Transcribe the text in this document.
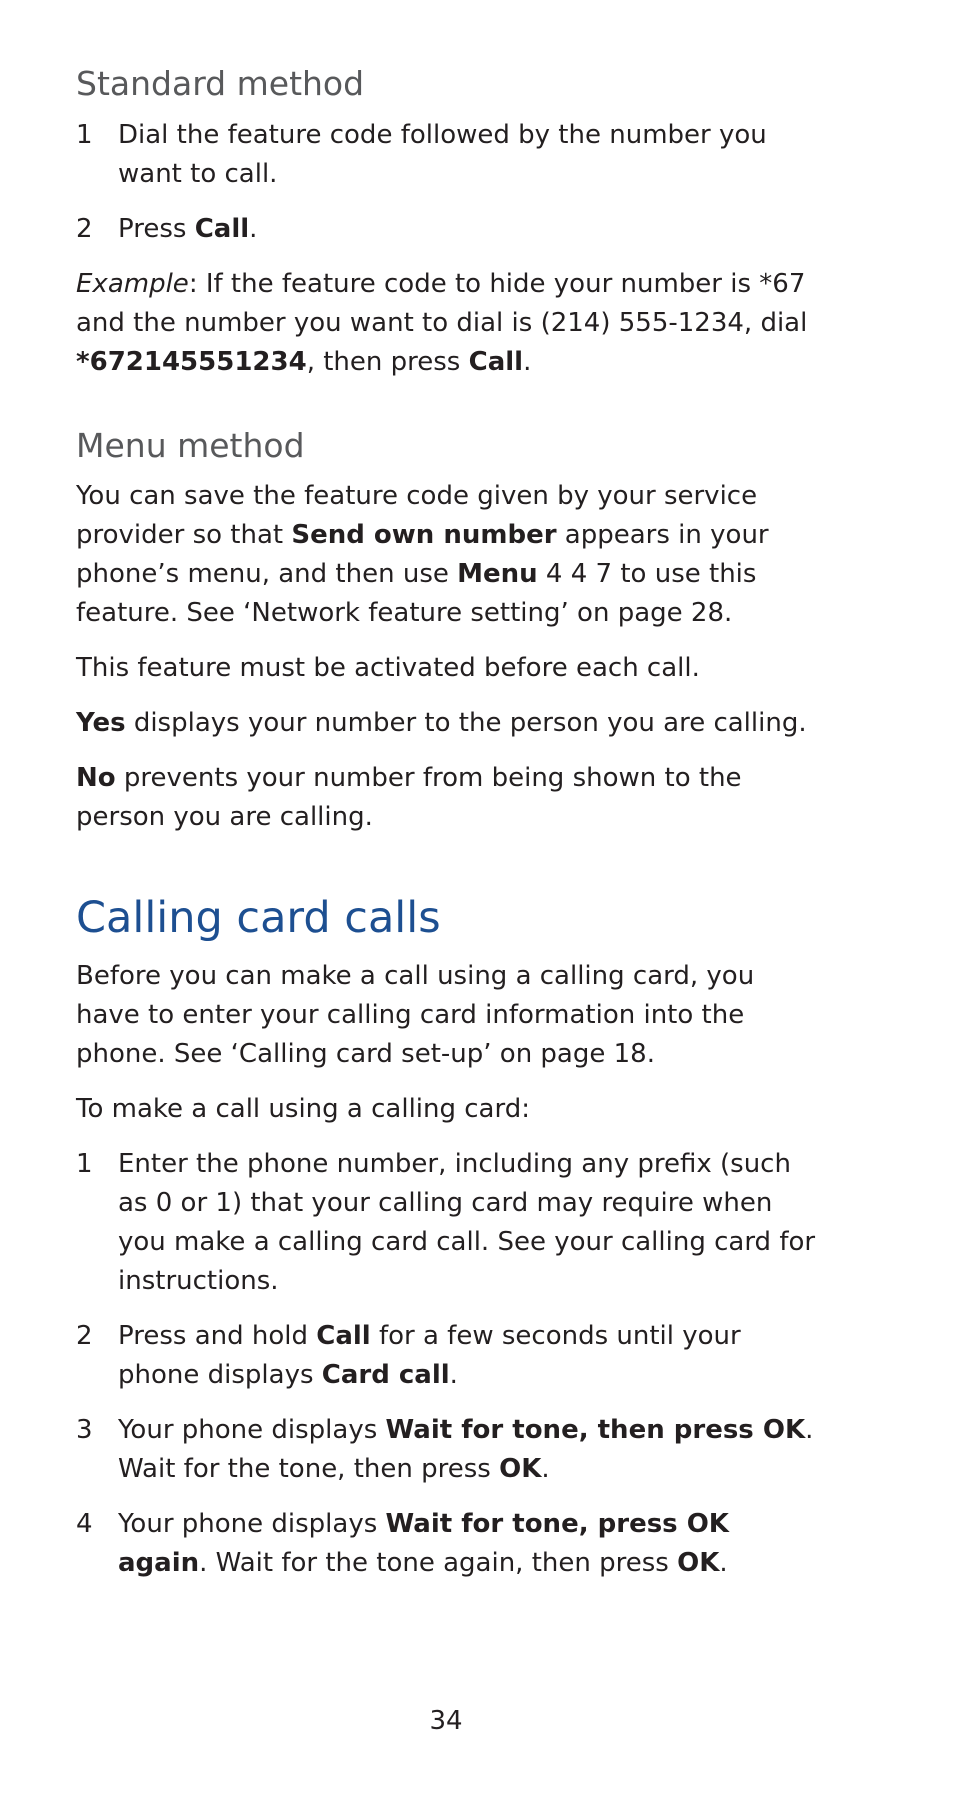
Standard method
1 Dial the feature code followed by the number you want to call.
2 Press Call.

Example: If the feature code to hide your number is *67 and the number you want to dial is (214) 555-1234, dial *672145551234, then press Call.

Menu method

You can save the feature code given by your service provider so that Send own number appears in your phone’s menu, and then use Menu 4 4 7 to use this feature. See ‘Network feature setting’ on page 28.

This feature must be activated before each call.

Yes displays your number to the person you are calling.

No prevents your number from being shown to the person you are calling.

Calling card calls

Before you can make a call using a calling card, you have to enter your calling card information into the phone. See ‘Calling card set-up’ on page 18.

To make a call using a calling card:

1 Enter the phone number, including any prefix (such as 0 or 1) that your calling card may require when you make a calling card call. See your calling card for instructions.
2 Press and hold Call for a few seconds until your phone displays Card call.
3 Your phone displays Wait for tone, then press OK. Wait for the tone, then press OK.
4 Your phone displays Wait for tone, press OK again. Wait for the tone again, then press OK.
34
